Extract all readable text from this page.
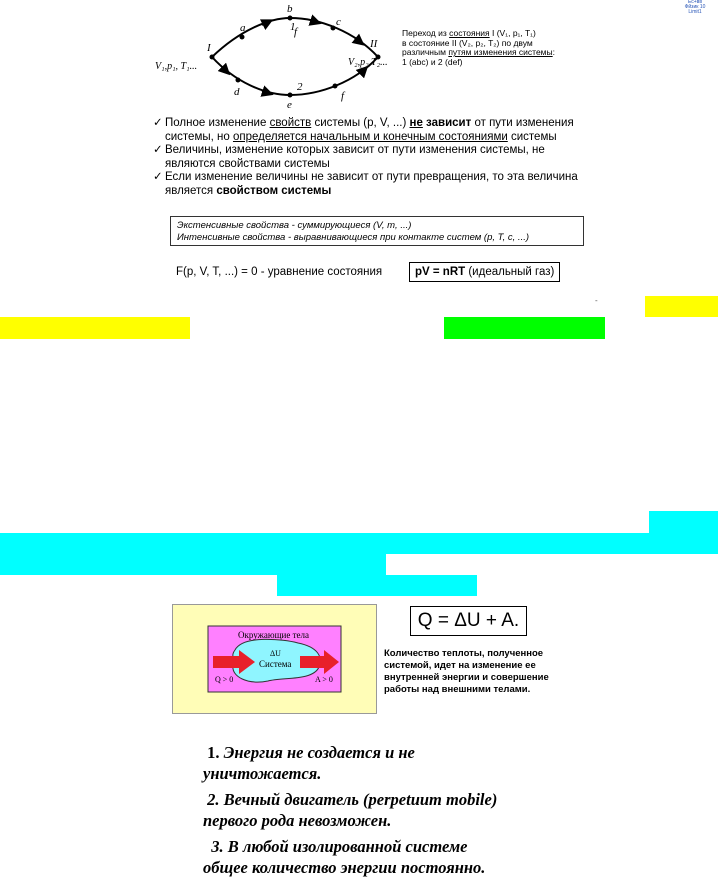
Ес+вв
Фйзик 10
Limit1
a
b
c
f
d
e
f
1
2
I	II
V₁,p₁, T₁...	V₂,p₂,T₂...
Переход из состояния I (V₁, p₁, T₁)
в состояние II (V₂, p₂, T₂) по двум
различным путям изменения системы:
1 (abc) и 2 (def)
✓ Полное изменение свойств системы (р, V, ...) не зависит от пути изменения
системы, но определяется начальным и конечным состояниями системы
✓ Величины, изменение которых зависит от пути изменения системы, не
являются свойствами системы
✓ Если изменение величины не зависит от пути превращения, то эта величина
является свойством системы
Экстенсивные свойства - суммирующиеся (V, m, ...)
Интенсивные свойства - выравнивающиеся при контакте систем (р, Т, с, ...)
F(p, V, T, ...) = 0 - уравнение состояния	pV = nRT (идеальный газ)
-
Окружающие тела
ΔU
Система
Q > 0	A > 0
Q = ΔU + A.
Количество теплоты, полученное системой, идет на изменение ее внутренней энергии и совершение работы над внешними телами.
1. Энергия не создается и не
уничтожается.
2. Вечный двигатель (perpetuum mobile)
первого рода невозможен.
3. В любой изолированной системе
общее количество энергии постоянно.
